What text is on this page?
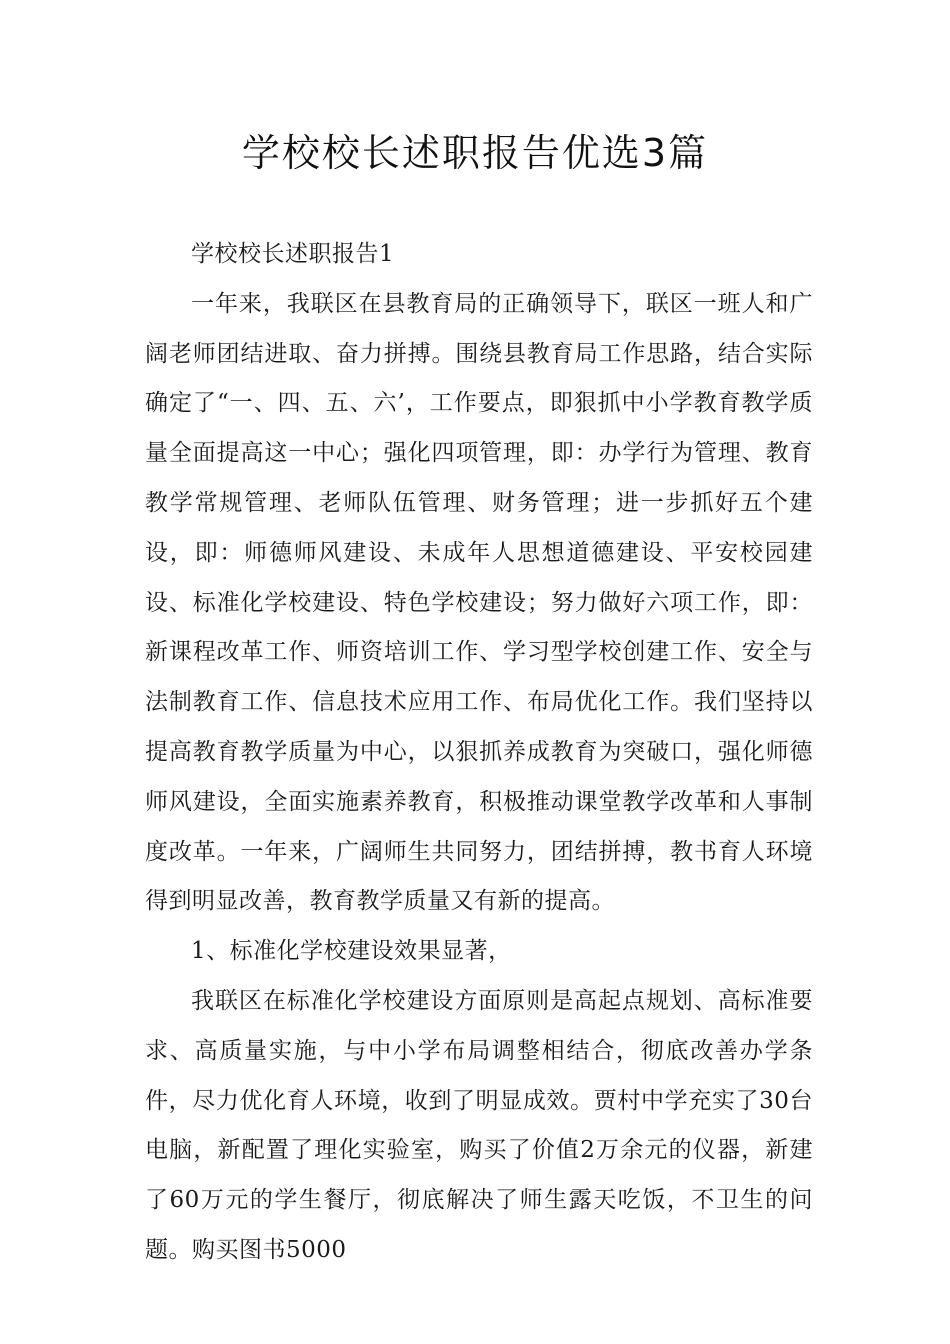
学校校长述职报告优选3篇

学校校长述职报告1

一年来，我联区在县教育局的正确领导下，联区一班人和广阔老师团结进取、奋力拼搏。围绕县教育局工作思路，结合实际确定了“一、四、五、六’，工作要点，即狠抓中小学教育教学质量全面提高这一中心；强化四项管理，即：办学行为管理、教育教学常规管理、老师队伍管理、财务管理；进一步抓好五个建设，即：师德师风建设、未成年人思想道德建设、平安校园建设、标准化学校建设、特色学校建设；努力做好六项工作，即：新课程改革工作、师资培训工作、学习型学校创建工作、安全与法制教育工作、信息技术应用工作、布局优化工作。我们坚持以提高教育教学质量为中心，以狠抓养成教育为突破口，强化师德师风建设，全面实施素养教育，积极推动课堂教学改革和人事制度改革。一年来，广阔师生共同努力，团结拼搏，教书育人环境得到明显改善，教育教学质量又有新的提高。

1、标准化学校建设效果显著，

我联区在标准化学校建设方面原则是高起点规划、高标准要求、高质量实施，与中小学布局调整相结合，彻底改善办学条件，尽力优化育人环境，收到了明显成效。贾村中学充实了30台电脑，新配置了理化实验室，购买了价值2万余元的仪器，新建了60万元的学生餐厅，彻底解决了师生露天吃饭，不卫生的问题。购买图书5000
